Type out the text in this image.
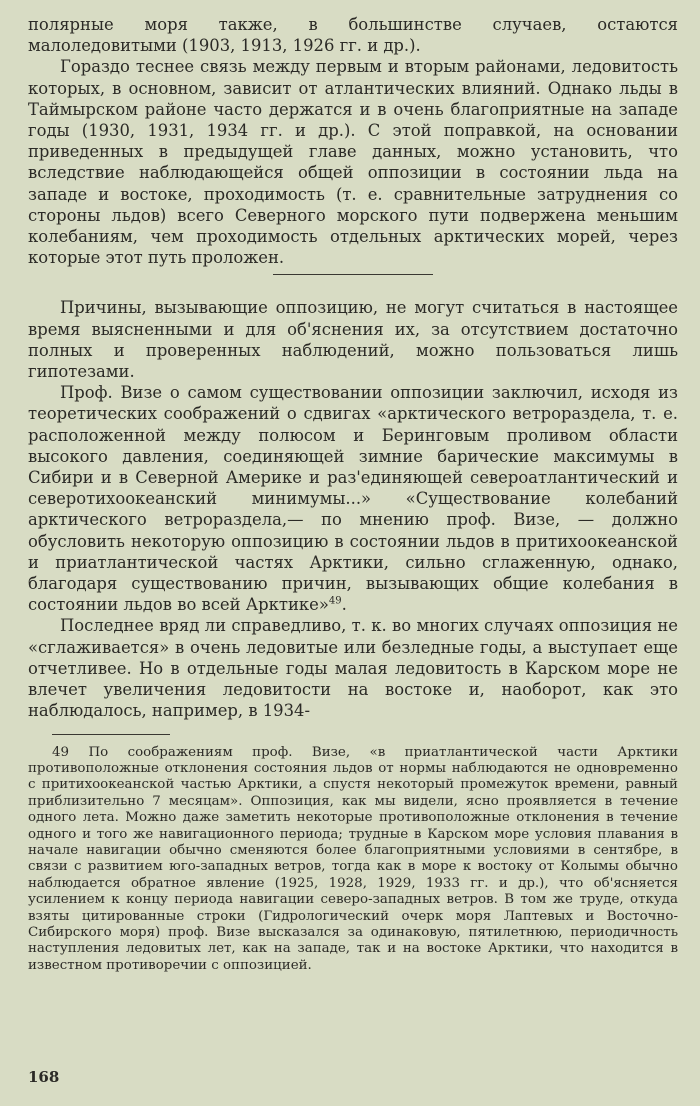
полярные моря также, в большинстве случаев, остаются малоледовитыми (1903, 1913, 1926 гг. и др.).

Гораздо теснее связь между первым и вторым районами, ледовитость которых, в основном, зависит от атлантических влияний. Однако льды в Таймырском районе часто держатся и в очень благоприятные на западе годы (1930, 1931, 1934 гг. и др.). С этой поправкой, на основании приведенных в предыдущей главе данных, можно установить, что вследствие наблюдающейся общей оппозиции в состоянии льда на западе и востоке, проходимость (т. е. сравнительные затруднения со стороны льдов) всего Северного морского пути подвержена меньшим колебаниям, чем проходимость отдельных арктических морей, через которые этот путь проложен.

Причины, вызывающие оппозицию, не могут считаться в настоящее время выясненными и для об'яснения их, за отсутствием достаточно полных и проверенных наблюдений, можно пользоваться лишь гипотезами.

Проф. Визе о самом существовании оппозиции заключил, исходя из теоретических соображений о сдвигах «арктического ветрораздела, т. е. расположенной между полюсом и Беринговым проливом области высокого давления, соединяющей зимние барические максимумы в Сибири и в Северной Америке и раз'единяющей североатлантический и северотихоокеанский минимумы...» «Существование колебаний арктического ветрораздела,— по мнению проф. Визе, — должно обусловить некоторую оппозицию в состоянии льдов в притихоокеанской и приатлантической частях Арктики, сильно сглаженную, однако, благодаря существованию причин, вызывающих общие колебания в состоянии льдов во всей Арктике»$^{49}$.

Последнее вряд ли справедливо, т. к. во многих случаях оппозиция не «сглаживается» в очень ледовитые или безледные годы, а выступает еще отчетливее. Но в отдельные годы малая ледовитость в Карском море не влечет увеличения ледовитости на востоке и, наоборот, как это наблюдалось, например, в 1934-

49 По соображениям проф. Визе, «в приатлантической части Арктики противоположные отклонения состояния льдов от нормы наблюдаются не одновременно с притихоокеанской частью Арктики, а спустя некоторый промежуток времени, равный приблизительно 7 месяцам». Оппозиция, как мы видели, ясно проявляется в течение одного лета. Можно даже заметить некоторые противоположные отклонения в течение одного и того же навигационного периода; трудные в Карском море условия плавания в начале навигации обычно сменяются более благоприятными условиями в сентябре, в связи с развитием юго-западных ветров, тогда как в море к востоку от Колымы обычно наблюдается обратное явление (1925, 1928, 1929, 1933 гг. и др.), что об'ясняется усилением к концу периода навигации северо-западных ветров. В том же труде, откуда взяты цитированные строки (Гидрологический очерк моря Лаптевых и Восточно-Сибирского моря) проф. Визе высказался за одинаковую, пятилетнюю, периодичность наступления ледовитых лет, как на западе, так и на востоке Арктики, что находится в известном противоречии с оппозицией.

168
